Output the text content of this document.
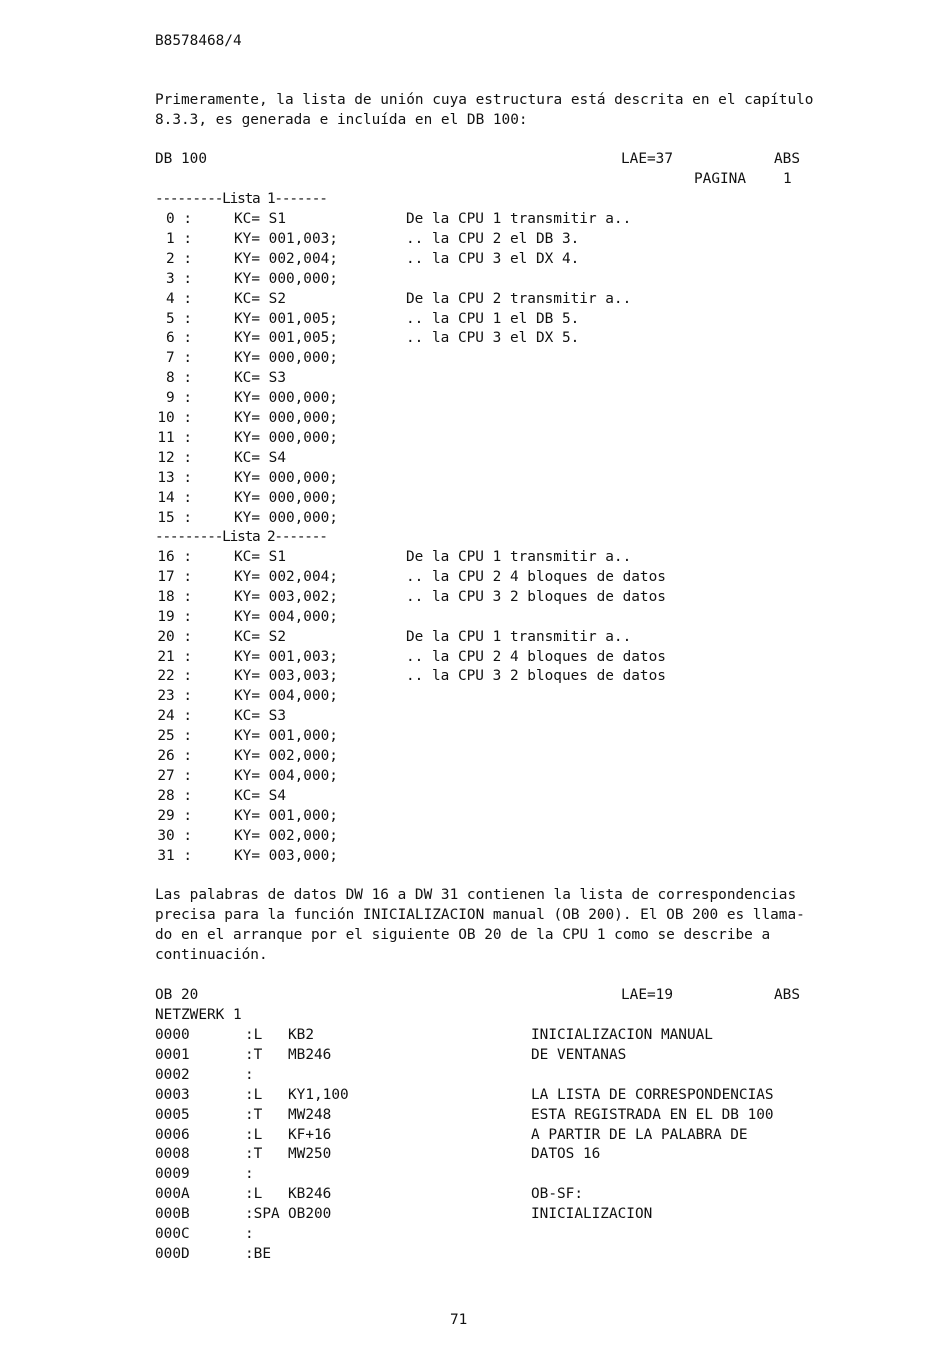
B8578468/4
Primeramente, la lista de unión cuya estructura está descrita en el capítulo
8.3.3, es generada e incluída en el DB 100:
DB 100	LAE=37	ABS
PAGINA	1
---------Lista 1-------
0 :	KC= S1	De la CPU 1 transmitir a..
1 :	KY= 001,003;	.. la CPU 2 el DB 3.
2 :	KY= 002,004;	.. la CPU 3 el DX 4.
3 :	KY= 000,000;
4 :	KC= S2	De la CPU 2 transmitir a..
5 :	KY= 001,005;	.. la CPU 1 el DB 5.
6 :	KY= 001,005;	.. la CPU 3 el DX 5.
7 :	KY= 000,000;
8 :	KC= S3
9 :	KY= 000,000;
10 :	KY= 000,000;
11 :	KY= 000,000;
12 :	KC= S4
13 :	KY= 000,000;
14 :	KY= 000,000;
15 :	KY= 000,000;
---------Lista 2-------
16 :	KC= S1	De la CPU 1 transmitir a..
17 :	KY= 002,004;	.. la CPU 2 4 bloques de datos
18 :	KY= 003,002;	.. la CPU 3 2 bloques de datos
19 :	KY= 004,000;
20 :	KC= S2	De la CPU 1 transmitir a..
21 :	KY= 001,003;	.. la CPU 2 4 bloques de datos
22 :	KY= 003,003;	.. la CPU 3 2 bloques de datos
23 :	KY= 004,000;
24 :	KC= S3
25 :	KY= 001,000;
26 :	KY= 002,000;
27 :	KY= 004,000;
28 :	KC= S4
29 :	KY= 001,000;
30 :	KY= 002,000;
31 :	KY= 003,000;
Las palabras de datos DW 16 a DW 31 contienen la lista de correspondencias
precisa para la función INICIALIZACION manual (OB 200). El OB 200 es llama-
do en el arranque por el siguiente OB 20 de la CPU 1 como se describe a
continuación.
OB 20	LAE=19	ABS
NETZWERK 1
0000	:L KB2	INICIALIZACION MANUAL
0001	:T MB246	DE VENTANAS
0002	:
0003	:L KY1,100	LA LISTA DE CORRESPONDENCIAS
0005	:T MW248	ESTA REGISTRADA EN EL DB 100
0006	:L KF+16	A PARTIR DE LA PALABRA DE
0008	:T MW250	DATOS 16
0009	:
000A	:L KB246	OB-SF:
000B	:SPA OB200	INICIALIZACION
000C	:
000D	:BE
71
